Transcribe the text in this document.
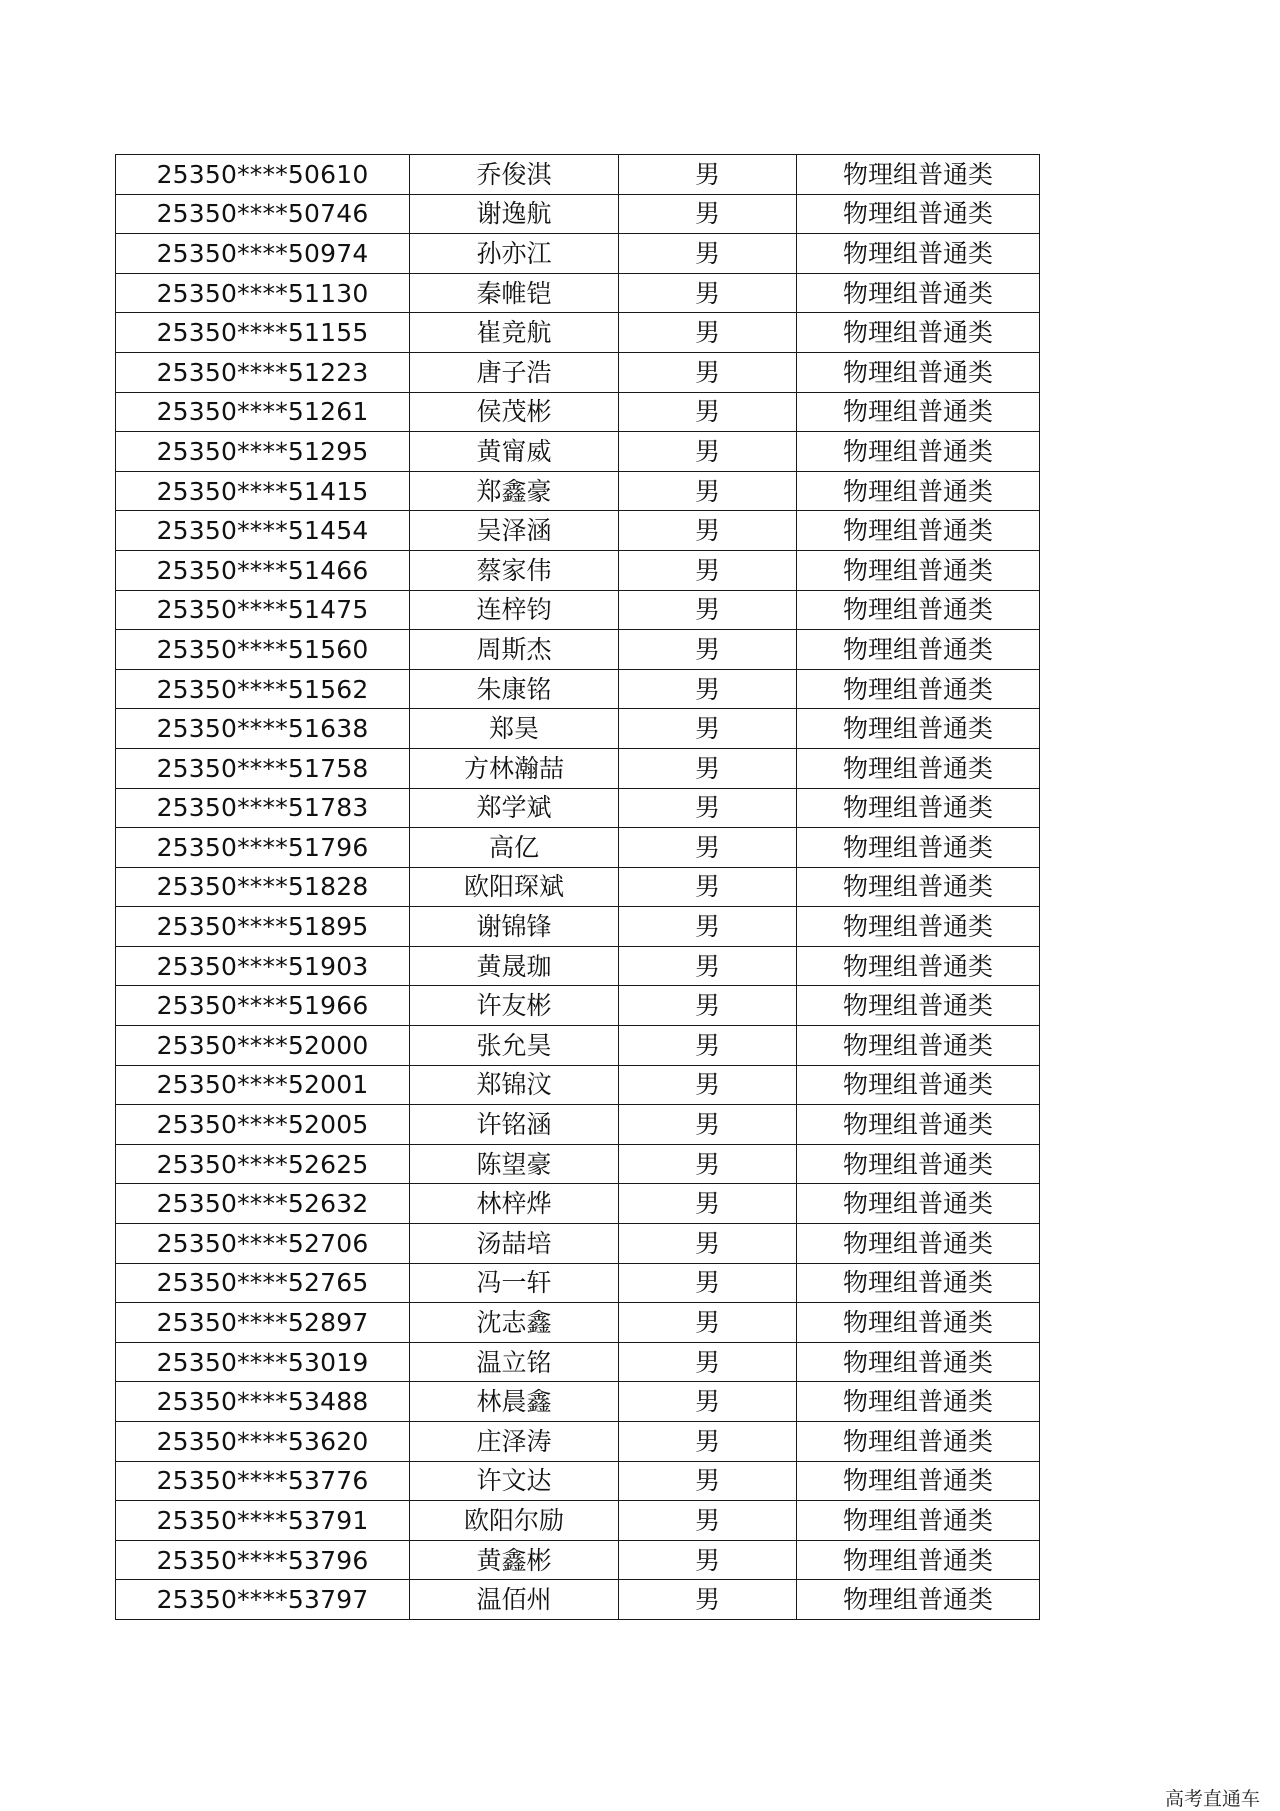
25350****50610	乔俊淇	男	物理组普通类
25350****50746	谢逸航	男	物理组普通类
25350****50974	孙亦江	男	物理组普通类
25350****51130	秦帷铠	男	物理组普通类
25350****51155	崔竞航	男	物理组普通类
25350****51223	唐子浩	男	物理组普通类
25350****51261	侯茂彬	男	物理组普通类
25350****51295	黄甯威	男	物理组普通类
25350****51415	郑鑫豪	男	物理组普通类
25350****51454	吴泽涵	男	物理组普通类
25350****51466	蔡家伟	男	物理组普通类
25350****51475	连梓钧	男	物理组普通类
25350****51560	周斯杰	男	物理组普通类
25350****51562	朱康铭	男	物理组普通类
25350****51638	郑昊	男	物理组普通类
25350****51758	方林瀚喆	男	物理组普通类
25350****51783	郑学斌	男	物理组普通类
25350****51796	高亿	男	物理组普通类
25350****51828	欧阳琛斌	男	物理组普通类
25350****51895	谢锦锋	男	物理组普通类
25350****51903	黄晟珈	男	物理组普通类
25350****51966	许友彬	男	物理组普通类
25350****52000	张允昊	男	物理组普通类
25350****52001	郑锦汶	男	物理组普通类
25350****52005	许铭涵	男	物理组普通类
25350****52625	陈望豪	男	物理组普通类
25350****52632	林梓烨	男	物理组普通类
25350****52706	汤喆培	男	物理组普通类
25350****52765	冯一轩	男	物理组普通类
25350****52897	沈志鑫	男	物理组普通类
25350****53019	温立铭	男	物理组普通类
25350****53488	林晨鑫	男	物理组普通类
25350****53620	庄泽涛	男	物理组普通类
25350****53776	许文达	男	物理组普通类
25350****53791	欧阳尔励	男	物理组普通类
25350****53796	黄鑫彬	男	物理组普通类
25350****53797	温佰州	男	物理组普通类
高考直通车
